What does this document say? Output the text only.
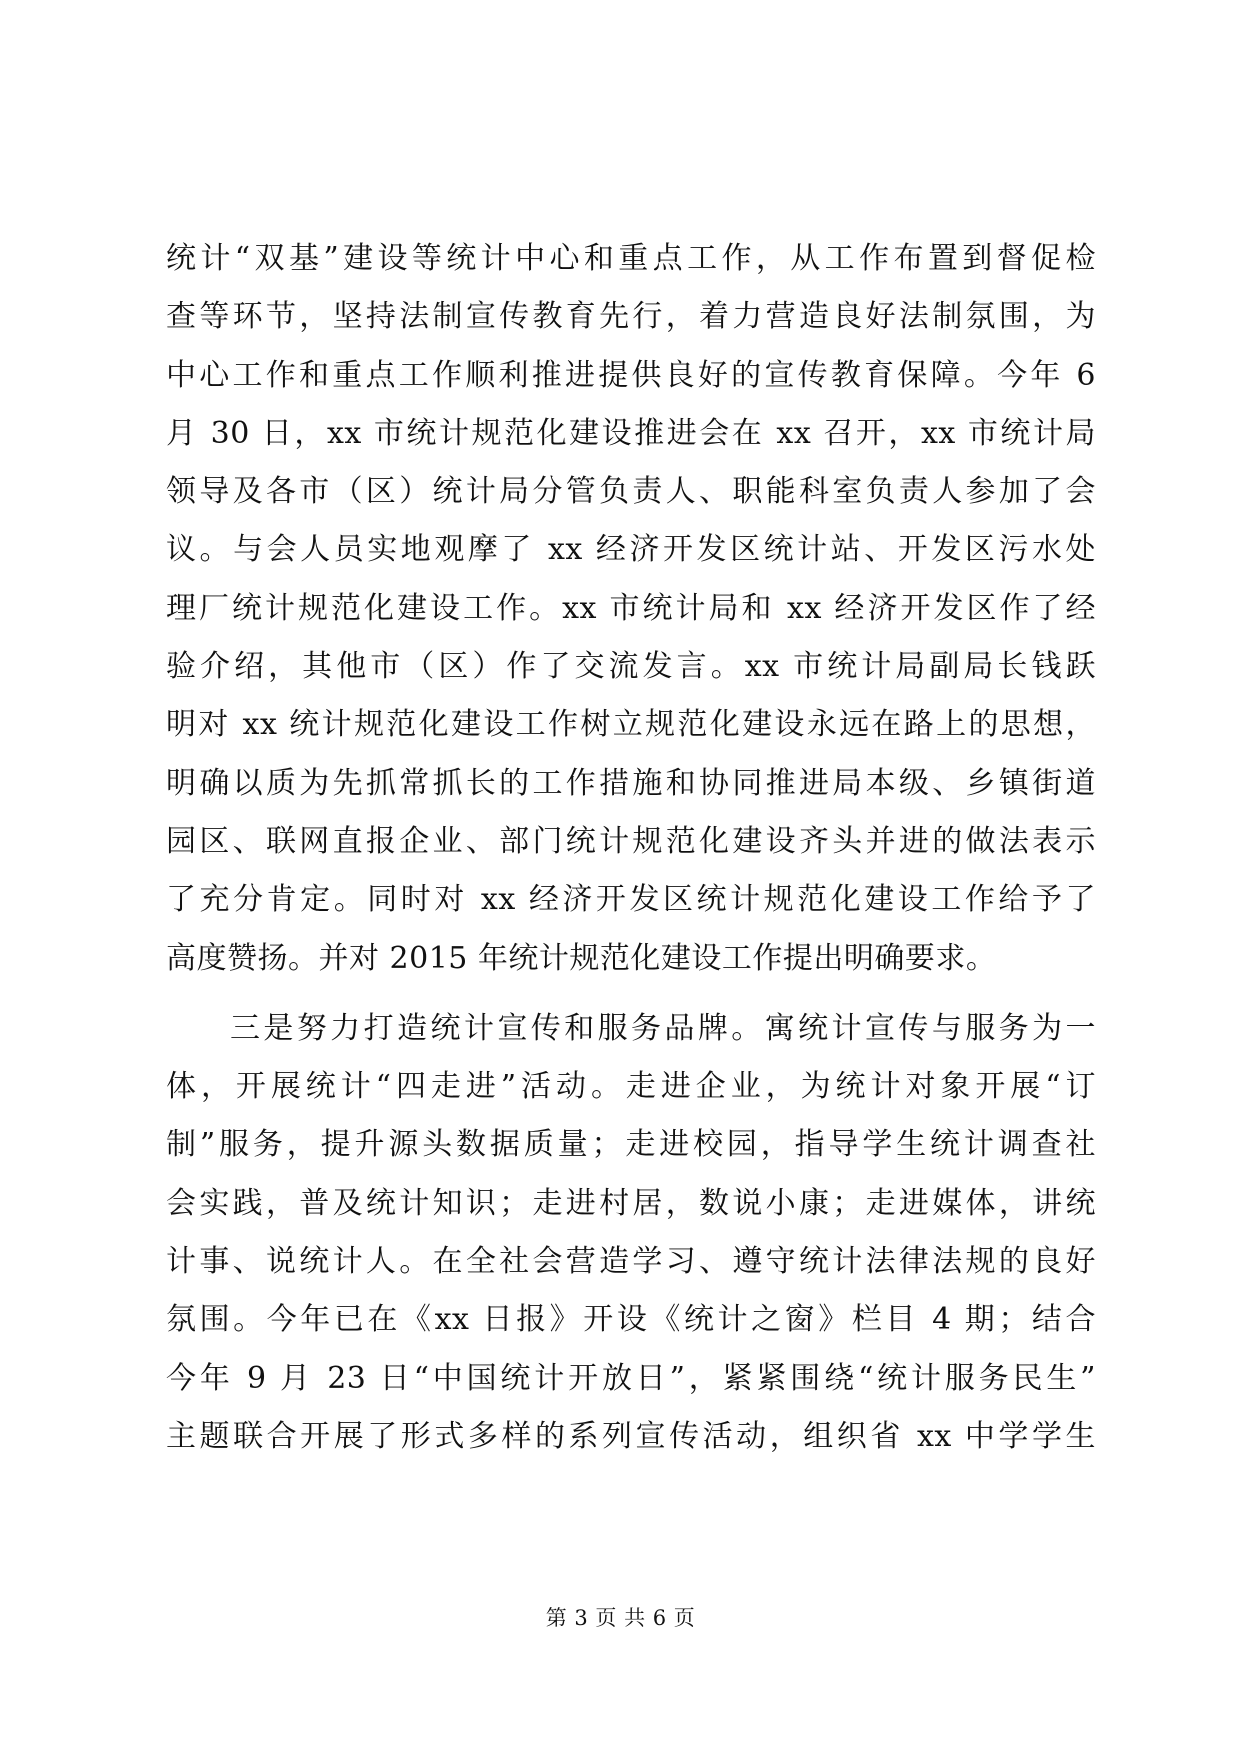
统计“双基”建设等统计中心和重点工作，从工作布置到督促检
查等环节，坚持法制宣传教育先行，着力营造良好法制氛围，为
中心工作和重点工作顺利推进提供良好的宣传教育保障。今年 6
月 30 日，xx 市统计规范化建设推进会在 xx 召开，xx 市统计局
领导及各市（区）统计局分管负责人、职能科室负责人参加了会
议。与会人员实地观摩了 xx 经济开发区统计站、开发区污水处
理厂统计规范化建设工作。xx 市统计局和 xx 经济开发区作了经
验介绍，其他市（区）作了交流发言。xx 市统计局副局长钱跃
明对 xx 统计规范化建设工作树立规范化建设永远在路上的思想，
明确以质为先抓常抓长的工作措施和协同推进局本级、乡镇街道
园区、联网直报企业、部门统计规范化建设齐头并进的做法表示
了充分肯定。同时对 xx 经济开发区统计规范化建设工作给予了
高度赞扬。并对 2015 年统计规范化建设工作提出明确要求。
三是努力打造统计宣传和服务品牌。寓统计宣传与服务为一
体，开展统计“四走进”活动。走进企业，为统计对象开展“订
制”服务，提升源头数据质量；走进校园，指导学生统计调查社
会实践，普及统计知识；走进村居，数说小康；走进媒体，讲统
计事、说统计人。在全社会营造学习、遵守统计法律法规的良好
氛围。今年已在《xx 日报》开设《统计之窗》栏目 4 期；结合
今年 9 月 23 日“中国统计开放日”，紧紧围绕“统计服务民生”
主题联合开展了形式多样的系列宣传活动，组织省 xx 中学学生
第 3 页 共 6 页
